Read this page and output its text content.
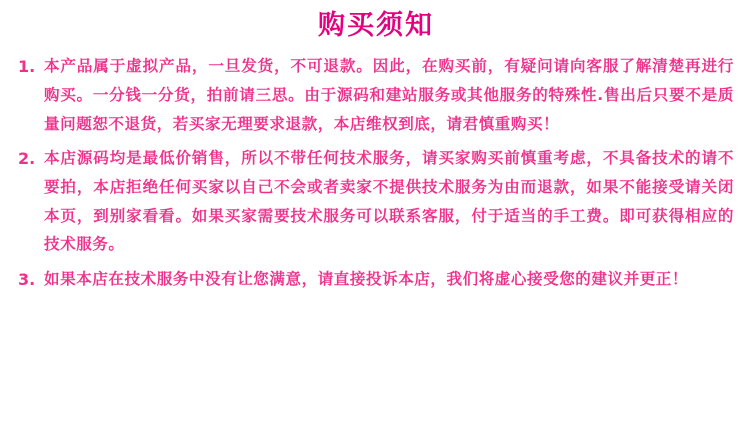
购买须知
1. 本产品属于虚拟产品，一旦发货，不可退款。因此，在购买前，有疑问请向客服了解清楚再进行购买。一分钱一分货，拍前请三思。由于源码和建站服务或其他服务的特殊性.售出后只要不是质量问题恕不退货，若买家无理要求退款，本店维权到底，请君慎重购买！
2. 本店源码均是最低价销售，所以不带任何技术服务，请买家购买前慎重考虑，不具备技术的请不要拍，本店拒绝任何买家以自己不会或者卖家不提供技术服务为由而退款，如果不能接受请关闭本页，到别家看看。如果买家需要技术服务可以联系客服，付于适当的手工费。即可获得相应的技术服务。
3. 如果本店在技术服务中没有让您满意，请直接投诉本店，我们将虚心接受您的建议并更正！
